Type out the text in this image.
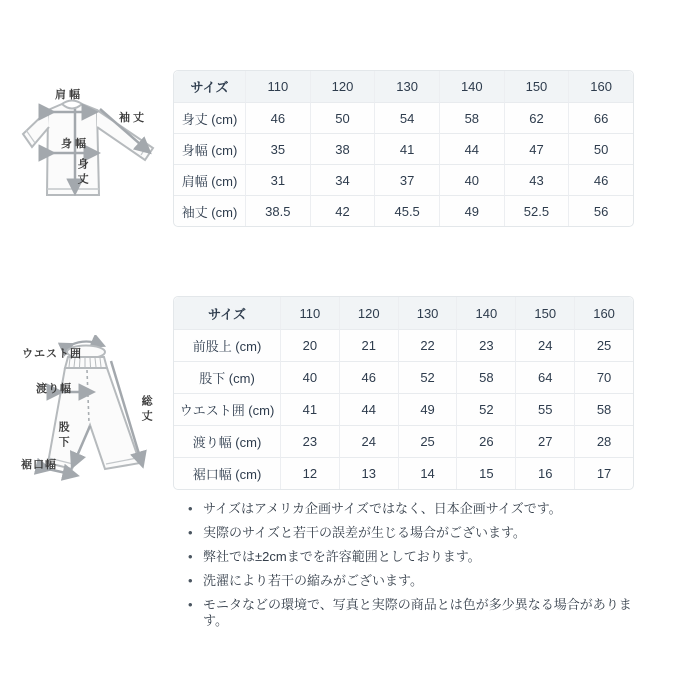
肩幅
袖丈
身幅
身丈
サイズ	110	120	130	140	150	160
身丈 (cm)	46	50	54	58	62	66
身幅 (cm)	35	38	41	44	47	50
肩幅 (cm)	31	34	37	40	43	46
袖丈 (cm)	38.5	42	45.5	49	52.5	56
ウエスト囲
渡り幅
総丈
股下
裾口幅
サイズ	110	120	130	140	150	160
前股上 (cm)	20	21	22	23	24	25
股下 (cm)	40	46	52	58	64	70
ウエスト囲 (cm)	41	44	49	52	55	58
渡り幅 (cm)	23	24	25	26	27	28
裾口幅 (cm)	12	13	14	15	16	17
• サイズはアメリカ企画サイズではなく、日本企画サイズです。
• 実際のサイズと若干の誤差が生じる場合がございます。
• 弊社では±2cmまでを許容範囲としております。
• 洗濯により若干の縮みがございます。
• モニタなどの環境で、写真と実際の商品とは色が多少異なる場合があります。
